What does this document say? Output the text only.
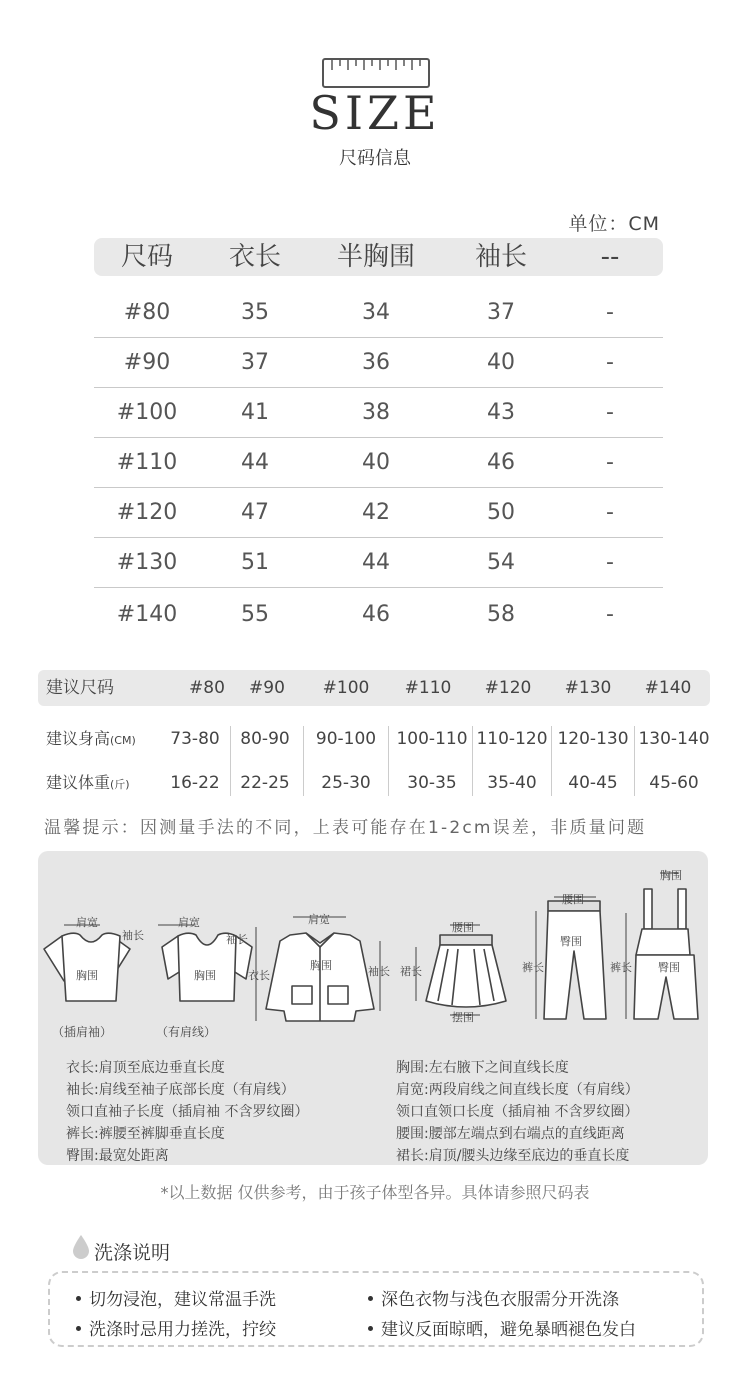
SIZE
尺码信息
单位：CM
尺码	衣长	半胸围	袖长	--
#80	35	34	37	-
#90	37	36	40	-
#100	41	38	43	-
#110	44	40	46	-
#120	47	42	50	-
#130	51	44	54	-
#140	55	46	58	-
建议尺码	#80	#90	#100	#110	#120	#130	#140
建议身高(CM)	73-80	80-90	90-100	100-110 110-120 120-130 130-140
建议体重(斤)	16-22	22-25	25-30	30-35	35-40	40-45	45-60
温馨提示：因测量手法的不同，上表可能存在1-2cm误差，非质量问题
肩宽
袖长
胸围
肩宽
袖长
胸围
肩宽
胸围
衣长	袖长
腰围
裙长
摆围
腰围
臀围
裤长
胸围
臀围
裤长
（插肩袖）	（有肩线）
衣长:肩顶至底边垂直长度
袖长:肩线至袖子底部长度（有肩线）
领口直袖子长度（插肩袖 不含罗纹圈）
裤长:裤腰至裤脚垂直长度
臀围:最宽处距离
胸围:左右腋下之间直线长度
肩宽:两段肩线之间直线长度（有肩线）
领口直领口长度（插肩袖 不含罗纹圈）
腰围:腰部左端点到右端点的直线距离
裙长:肩顶/腰头边缘至底边的垂直长度
*以上数据 仅供参考，由于孩子体型各异。具体请参照尺码表
洗涤说明
切勿浸泡，建议常温手洗	深色衣物与浅色衣服需分开洗涤
洗涤时忌用力搓洗，拧绞	建议反面晾晒，避免暴晒褪色发白
